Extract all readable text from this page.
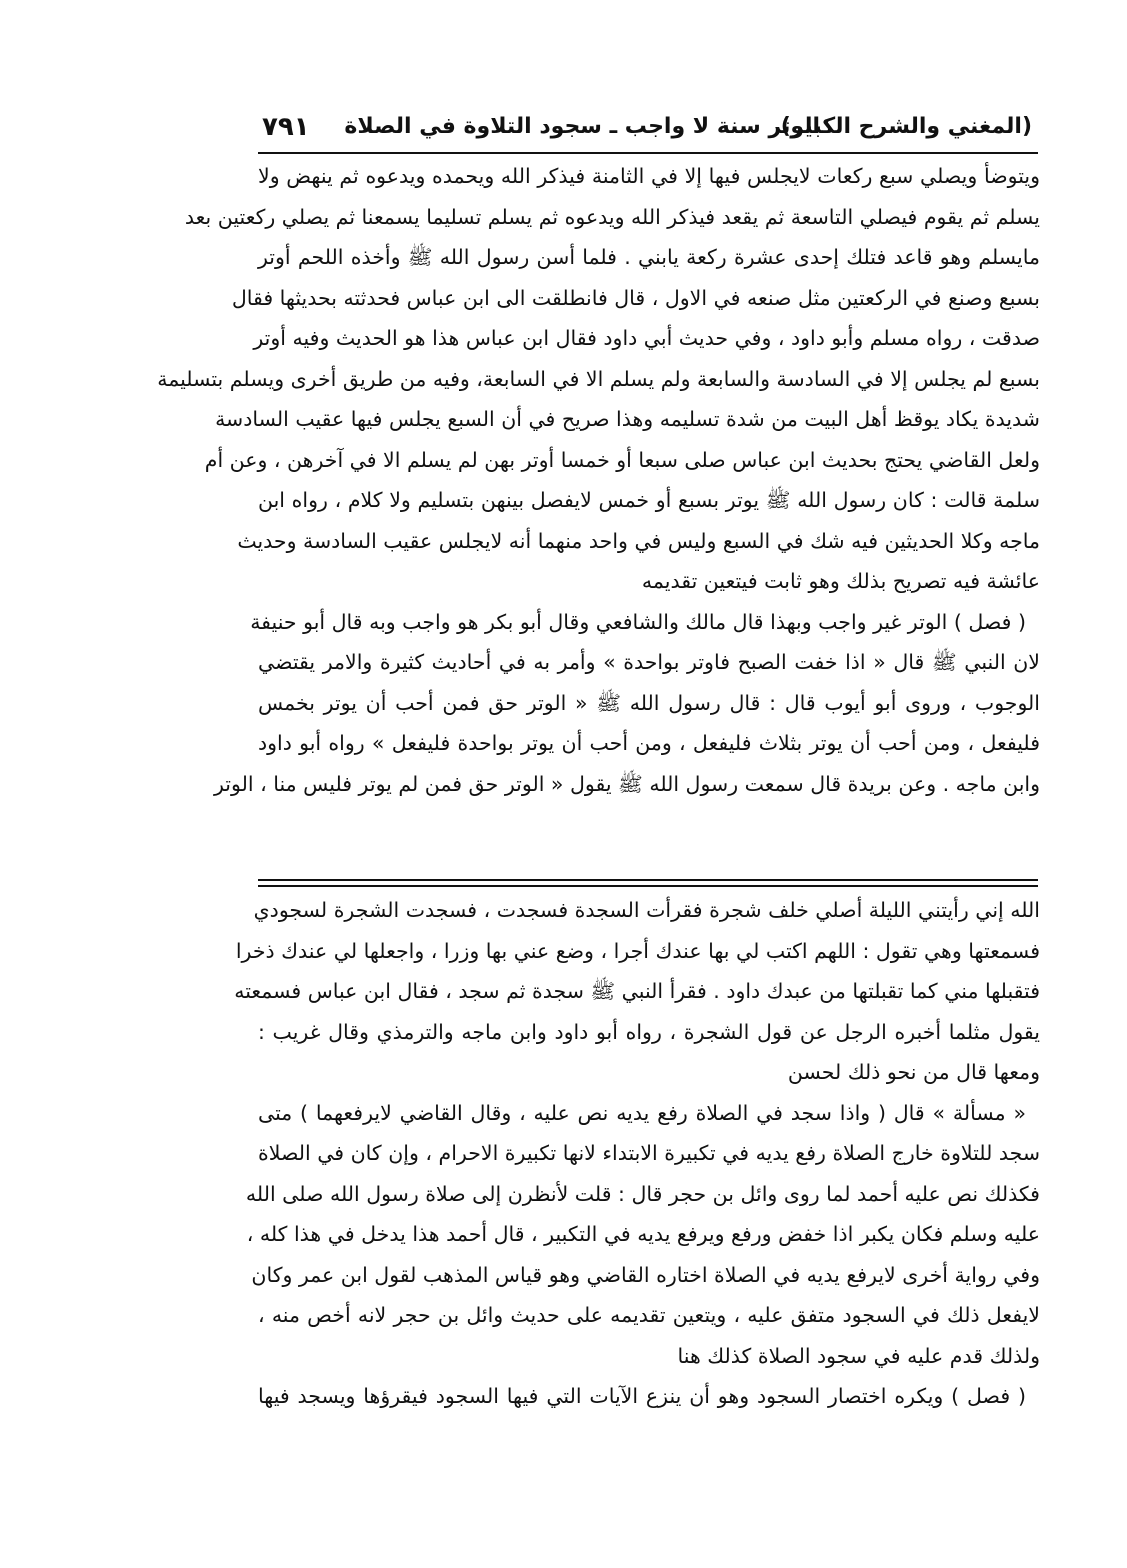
(المغني والشرح الكبير)
الوتر سنة لا واجب ـ سجود التلاوة في الصلاة
٧٩١
ويتوضأ ويصلي سبع ركعات لايجلس فيها إلا في الثامنة فيذكر الله ويحمده ويدعوه ثم ينهض ولا
يسلم ثم يقوم فيصلي التاسعة ثم يقعد فيذكر الله ويدعوه ثم يسلم تسليما يسمعنا ثم يصلي ركعتين بعد
مايسلم وهو قاعد فتلك إحدى عشرة ركعة يابني . فلما أسن رسول الله ﷺ وأخذه اللحم أوتر
بسبع وصنع في الركعتين مثل صنعه في الاول ، قال فانطلقت الى ابن عباس فحدثته بحديثها فقال
صدقت ، رواه مسلم وأبو داود ، وفي حديث أبي داود فقال ابن عباس هذا هو الحديث وفيه أوتر
بسبع لم يجلس إلا في السادسة والسابعة ولم يسلم الا في السابعة، وفيه من طريق أخرى ويسلم بتسليمة
شديدة يكاد يوقظ أهل البيت من شدة تسليمه وهذا صريح في أن السبع يجلس فيها عقيب السادسة
ولعل القاضي يحتج بحديث ابن عباس صلى سبعا أو خمسا أوتر بهن لم يسلم الا في آخرهن ، وعن أم
سلمة قالت : كان رسول الله ﷺ يوتر بسبع أو خمس لايفصل بينهن بتسليم ولا كلام ، رواه ابن
ماجه وكلا الحديثين فيه شك في السبع وليس في واحد منهما أنه لايجلس عقيب السادسة وحديث
عائشة فيه تصريح بذلك وهو ثابت فيتعين تقديمه
( فصل ) الوتر غير واجب وبهذا قال مالك والشافعي وقال أبو بكر هو واجب وبه قال أبو حنيفة
لان النبي ﷺ قال « اذا خفت الصبح فاوتر بواحدة » وأمر به في أحاديث كثيرة والامر يقتضي
الوجوب ، وروى أبو أيوب قال : قال رسول الله ﷺ « الوتر حق فمن أحب أن يوتر بخمس
فليفعل ، ومن أحب أن يوتر بثلاث فليفعل ، ومن أحب أن يوتر بواحدة فليفعل » رواه أبو داود
وابن ماجه . وعن بريدة قال سمعت رسول الله ﷺ يقول « الوتر حق فمن لم يوتر فليس منا ، الوتر
الله إني رأيتني الليلة أصلي خلف شجرة فقرأت السجدة فسجدت ، فسجدت الشجرة لسجودي
فسمعتها وهي تقول : اللهم اكتب لي بها عندك أجرا ، وضع عني بها وزرا ، واجعلها لي عندك ذخرا
فتقبلها مني كما تقبلتها من عبدك داود . فقرأ النبي ﷺ سجدة ثم سجد ، فقال ابن عباس فسمعته
يقول مثلما أخبره الرجل عن قول الشجرة ، رواه أبو داود وابن ماجه والترمذي وقال غريب :
ومعها قال من نحو ذلك لحسن
« مسألة » قال ( واذا سجد في الصلاة رفع يديه نص عليه ، وقال القاضي لايرفعهما ) متى
سجد للتلاوة خارج الصلاة رفع يديه في تكبيرة الابتداء لانها تكبيرة الاحرام ، وإن كان في الصلاة
فكذلك نص عليه أحمد لما روى وائل بن حجر قال : قلت لأنظرن إلى صلاة رسول الله صلى الله
عليه وسلم فكان يكبر اذا خفض ورفع ويرفع يديه في التكبير ، قال أحمد هذا يدخل في هذا كله ،
وفي رواية أخرى لايرفع يديه في الصلاة اختاره القاضي وهو قياس المذهب لقول ابن عمر وكان
لايفعل ذلك في السجود متفق عليه ، ويتعين تقديمه على حديث وائل بن حجر لانه أخص منه ،
ولذلك قدم عليه في سجود الصلاة كذلك هنا
( فصل ) ويكره اختصار السجود وهو أن ينزع الآيات التي فيها السجود فيقرؤها ويسجد فيها
